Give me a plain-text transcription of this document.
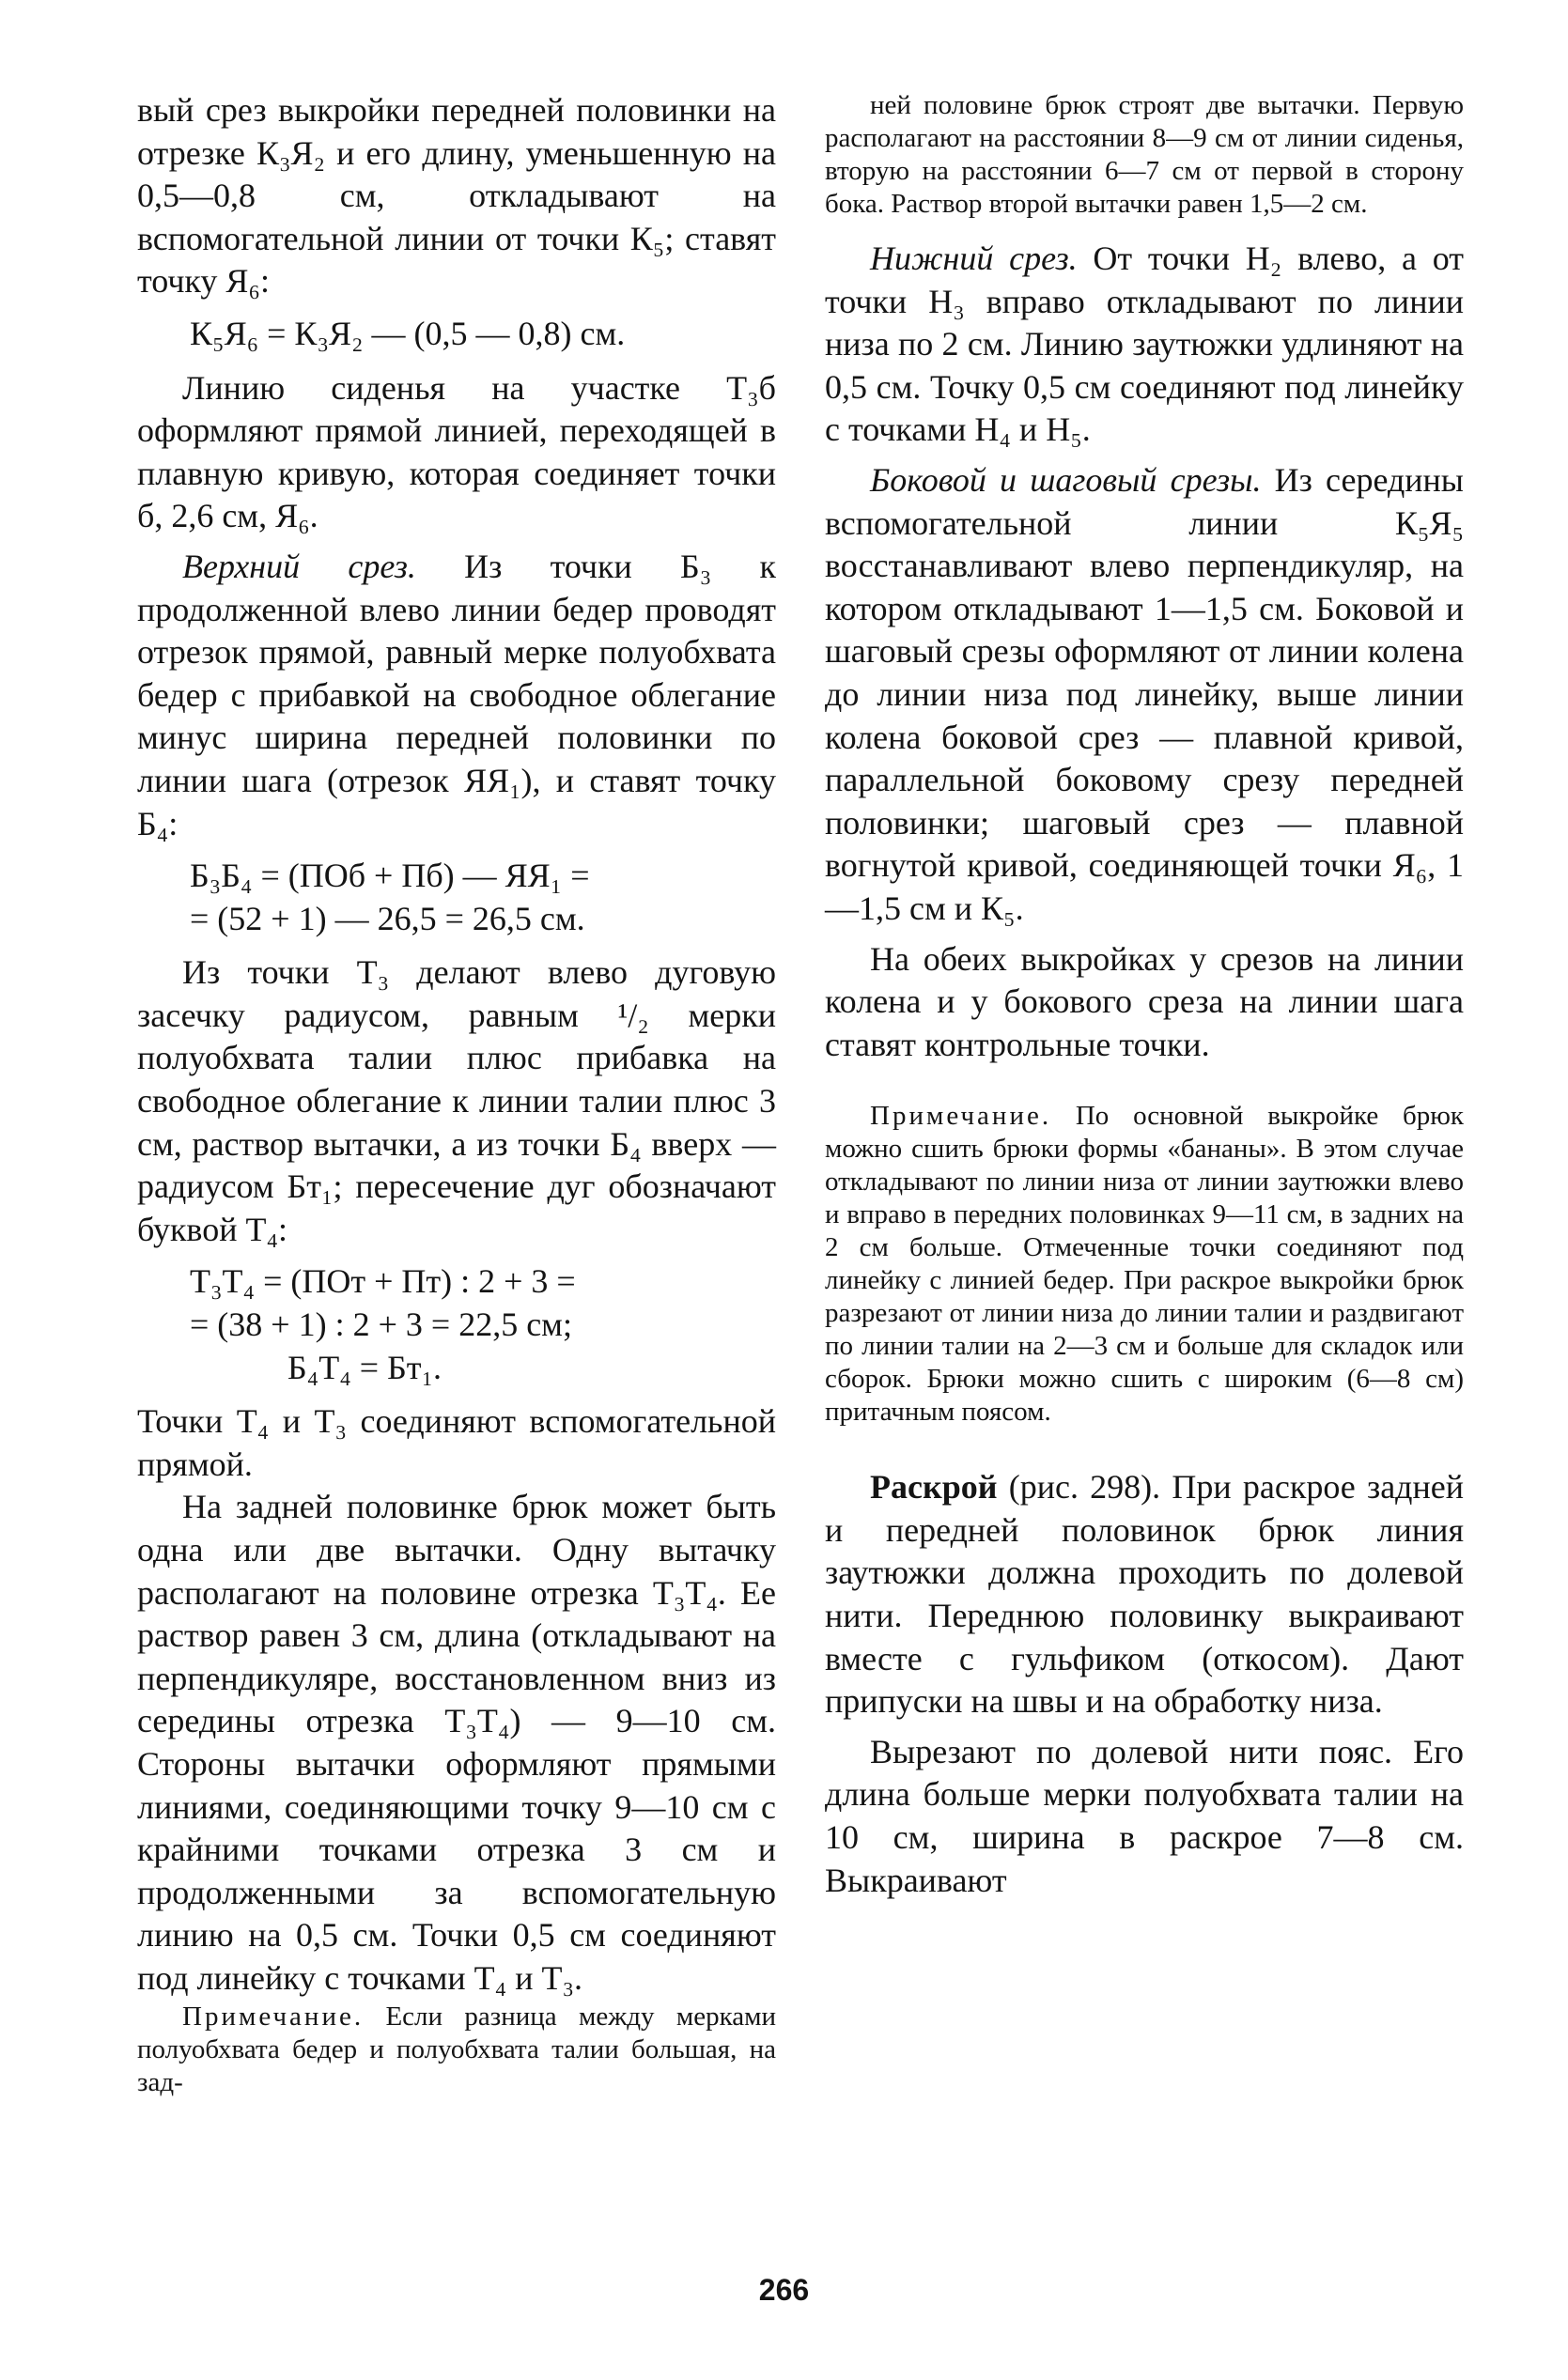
вый срез выкройки передней половинки на отрезке К₃Я₂ и его длину, уменьшенную на 0,5—0,8 см, откладывают на вспомогательной линии от точки К₅; ставят точку Я₆:

К₅Я₆ = К₃Я₂ — (0,5 — 0,8) см.

Линию сиденья на участке Т₃б оформляют прямой линией, переходящей в плавную кривую, которая соединяет точки б, 2,6 см, Я₆.

Верхний срез. Из точки Б₃ к продолженной влево линии бедер проводят отрезок прямой, равный мерке полуобхвата бедер с прибавкой на свободное облегание минус ширина передней половинки по линии шага (отрезок ЯЯ₁), и ставят точку Б₄:

Б₃Б₄ = (ПОб + Пб) — ЯЯ₁ =
= (52 + 1) — 26,5 = 26,5 см.

Из точки Т₃ делают влево дуговую засечку радиусом, равным ¹/₂ мерки полуобхвата талии плюс прибавка на свободное облегание к линии талии плюс 3 см, раствор вытачки, а из точки Б₄ вверх — радиусом Бт₁; пересечение дуг обозначают буквой Т₄:

Т₃Т₄ = (ПОт + Пт) : 2 + 3 =
= (38 + 1) : 2 + 3 = 22,5 см;
Б₄Т₄ = Бт₁.

Точки Т₄ и Т₃ соединяют вспомогательной прямой.

На задней половинке брюк может быть одна или две вытачки. Одну вытачку располагают на половине отрезка Т₃Т₄. Ее раствор равен 3 см, длина (откладывают на перпендикуляре, восстановленном вниз из середины отрезка Т₃Т₄) — 9—10 см. Стороны вытачки оформляют прямыми линиями, соединяющими точку 9—10 см с крайними точками отрезка 3 см и продолженными за вспомогательную линию на 0,5 см. Точки 0,5 см соединяют под линейку с точками Т₄ и Т₃.

Примечание. Если разница между мерками полуобхвата бедер и полуобхвата талии большая, на зад-

ней половине брюк строят две вытачки. Первую располагают на расстоянии 8—9 см от линии сиденья, вторую на расстоянии 6—7 см от первой в сторону бока. Раствор второй вытачки равен 1,5—2 см.

Нижний срез. От точки Н₂ влево, а от точки Н₃ вправо откладывают по линии низа по 2 см. Линию заутюжки удлиняют на 0,5 см. Точку 0,5 см соединяют под линейку с точками Н₄ и Н₅.

Боковой и шаговый срезы. Из середины вспомогательной линии К₅Я₅ восстанавливают влево перпендикуляр, на котором откладывают 1—1,5 см. Боковой и шаговый срезы оформляют от линии колена до линии низа под линейку, выше линии колена боковой срез — плавной кривой, параллельной боковому срезу передней половинки; шаговый срез — плавной вогнутой кривой, соединяющей точки Я₆, 1—1,5 см и К₅.

На обеих выкройках у срезов на линии колена и у бокового среза на линии шага ставят контрольные точки.

Примечание. По основной выкройке брюк можно сшить брюки формы «бананы». В этом случае откладывают по линии низа от линии заутюжки влево и вправо в передних половинках 9—11 см, в задних на 2 см больше. Отмеченные точки соединяют под линейку с линией бедер. При раскрое выкройки брюк разрезают от линии низа до линии талии и раздвигают по линии талии на 2—3 см и больше для складок или сборок. Брюки можно сшить с широким (6—8 см) притачным поясом.

Раскрой (рис. 298). При раскрое задней и передней половинок брюк линия заутюжки должна проходить по долевой нити. Переднюю половинку выкраивают вместе с гульфиком (откосом). Дают припуски на швы и на обработку низа.

Вырезают по долевой нити пояс. Его длина больше мерки полуобхвата талии на 10 см, ширина в раскрое 7—8 см. Выкраивают

266
